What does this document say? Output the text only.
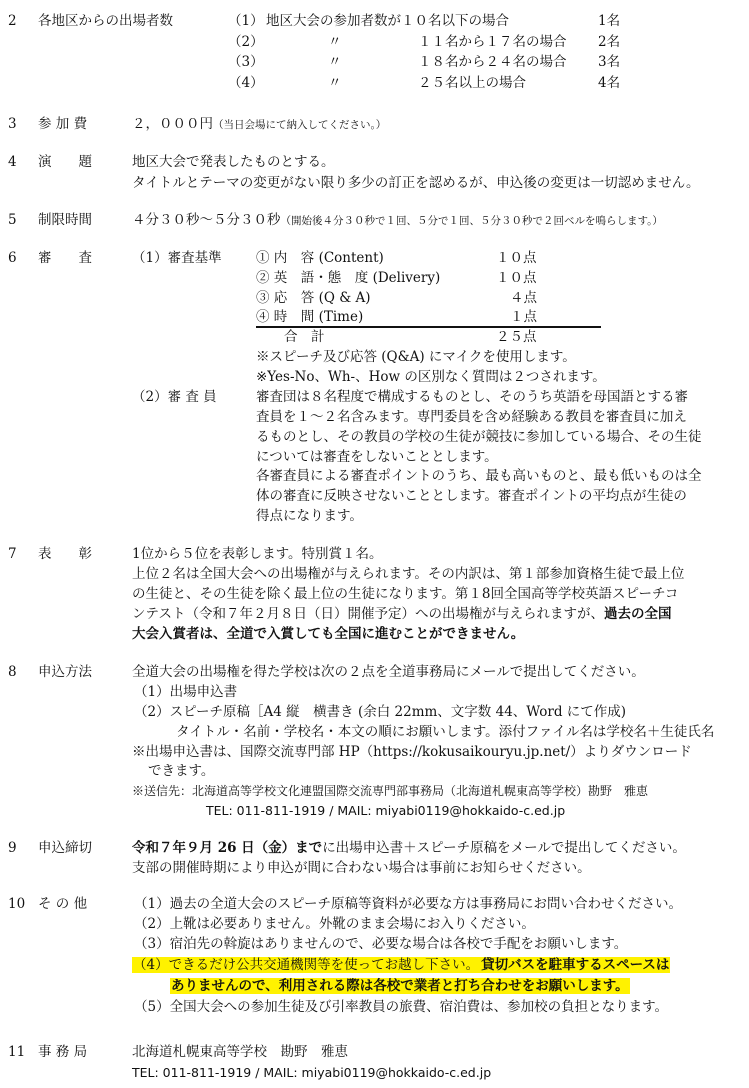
2 各地区からの出場者数	（1） 地区大会の参加者数が１０名以下の場合	1名
（2）	〃	１１名から１７名の場合 2名
（3）	〃	１８名から２４名の場合 3名
（4）	〃	２５名以上の場合	4名
3 参 加 費	２，０００円（当日会場にて納入してください。）
4 演　　題	地区大会で発表したものとする。
タイトルとテーマの変更がない限り多少の訂正を認めるが、申込後の変更は一切認めません。
5 制限時間	４分３０秒～５分３０秒（開始後４分３０秒で１回、５分で１回、５分３０秒で２回ベルを鳴らします。）
6 審　　査	（1）審査基準	① 内　容 (Content)	１０点
② 英　語・態　度 (Delivery)	１０点
③ 応　答 (Q & A)	４点
④ 時　間 (Time)	１点
合　計	２５点
※スピーチ及び応答 (Q&A) にマイクを使用します。
※Yes-No、Wh-、How の区別なく質問は２つされます。
（2）審 査 員	審査団は８名程度で構成するものとし、そのうち英語を母国語とする審
査員を１～２名含みます。専門委員を含め経験ある教員を審査員に加え
るものとし、その教員の学校の生徒が競技に参加している場合、その生徒
については審査をしないこととします。
各審査員による審査ポイントのうち、最も高いものと、最も低いものは全
体の審査に反映させないこととします。審査ポイントの平均点が生徒の
得点になります。
7 表　　彰	1位から５位を表彰します。特別賞１名。
上位２名は全国大会への出場権が与えられます。その内訳は、第１部参加資格生徒で最上位
の生徒と、その生徒を除く最上位の生徒になります。第１8回全国高等学校英語スピーチコ
ンテスト（令和７年２月８日（日）開催予定）への出場権が与えられますが、過去の全国
大会入賞者は、全道で入賞しても全国に進むことができません。
8 申込方法	全道大会の出場権を得た学校は次の２点を全道事務局にメールで提出してください。
（1）出場申込書
（2）スピーチ原稿［A4 縦　横書き (余白 22mm、文字数 44、Word にて作成)
タイトル・名前・学校名・本文の順にお願いします。添付ファイル名は学校名＋生徒氏名
※出場申込書は、国際交流専門部 HP（https://kokusaikouryu.jp.net/）よりダウンロード
できます。
※送信先：北海道高等学校文化連盟国際交流専門部事務局（北海道札幌東高等学校）勘野　雅恵
TEL: 011-811-1919 / MAIL: miyabi0119@hokkaido-c.ed.jp
9 申込締切	令和７年９月 26 日（金）までに出場申込書＋スピーチ原稿をメールで提出してください。
支部の開催時期により申込が間に合わない場合は事前にお知らせください。
10 そ の 他	（1）過去の全道大会のスピーチ原稿等資料が必要な方は事務局にお問い合わせください。
（2）上靴は必要ありません。外靴のまま会場にお入りください。
（3）宿泊先の斡旋はありませんので、必要な場合は各校で手配をお願いします。
（4）できるだけ公共交通機関等を使ってお越し下さい。 貸切バスを駐車するスペースは
ありませんので、利用される際は各校で業者と打ち合わせをお願いします。
（5）全国大会への参加生徒及び引率教員の旅費、宿泊費は、参加校の負担となります。
11 事 務 局	北海道札幌東高等学校　勘野　雅恵
TEL: 011-811-1919 / MAIL: miyabi0119@hokkaido-c.ed.jp
